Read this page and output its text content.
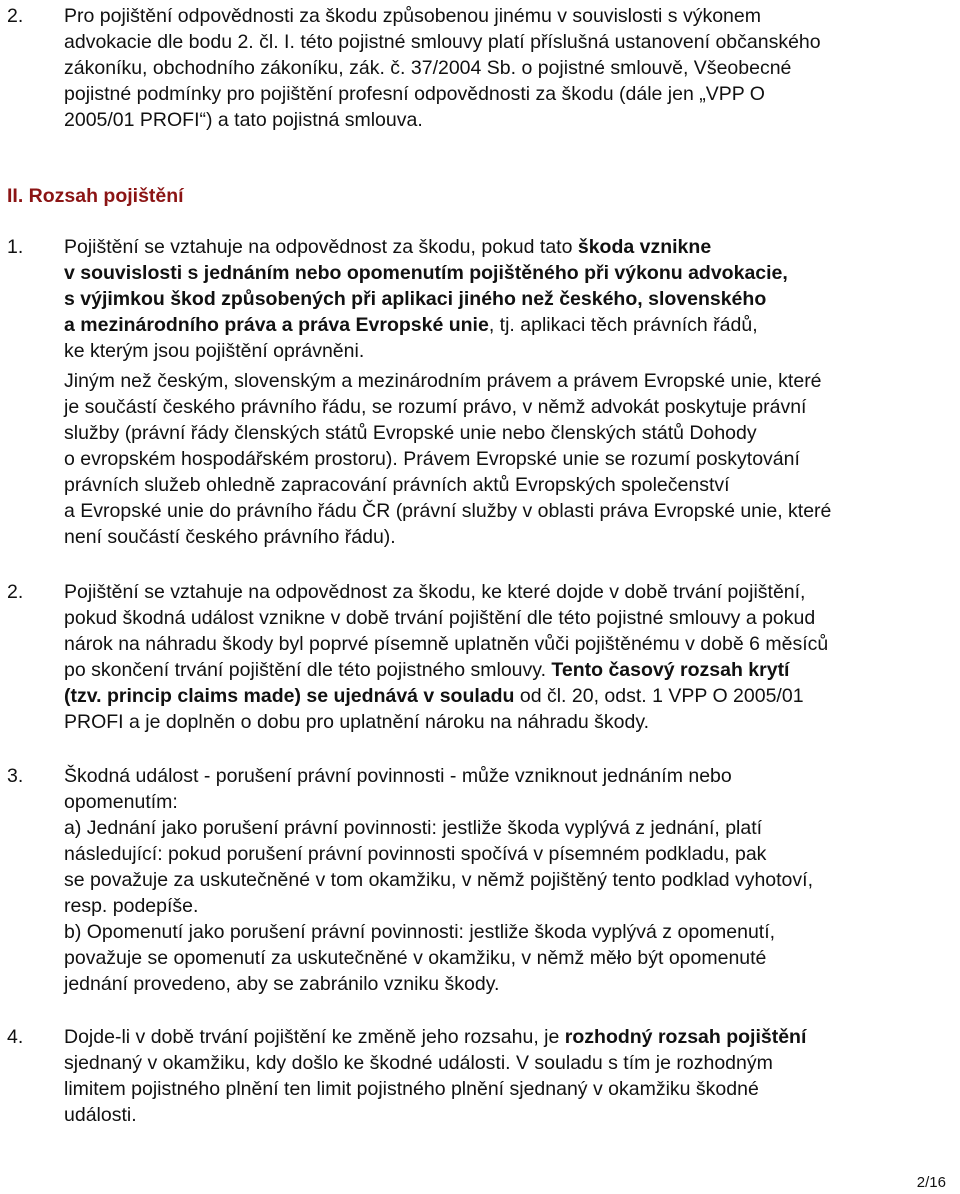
2. Pro pojištění odpovědnosti za škodu způsobenou jinému v souvislosti s výkonem
advokacie dle bodu 2. čl. I. této pojistné smlouvy platí příslušná ustanovení občanského
zákoníku, obchodního zákoníku, zák. č. 37/2004 Sb. o pojistné smlouvě, Všeobecné
pojistné podmínky pro pojištění profesní odpovědnosti za škodu (dále jen „VPP O
2005/01 PROFI“) a tato pojistná smlouva.
II. Rozsah pojištění
1. Pojištění se vztahuje na odpovědnost za škodu, pokud tato škoda vznikne
v souvislosti s jednáním nebo opomenutím pojištěného při výkonu advokacie,
s výjimkou škod způsobených při aplikaci jiného než českého, slovenského
a mezinárodního práva a práva Evropské unie, tj. aplikaci těch právních řádů,
ke kterým jsou pojištění oprávněni.
Jiným než českým, slovenským a mezinárodním právem a právem Evropské unie, které
je součástí českého právního řádu, se rozumí právo, v němž advokát poskytuje právní
služby (právní řády členských států Evropské unie nebo členských států Dohody
o evropském hospodářském prostoru). Právem Evropské unie se rozumí poskytování
právních služeb ohledně zapracování právních aktů Evropských společenství
a Evropské unie do právního řádu ČR (právní služby v oblasti práva Evropské unie, které
není součástí českého právního řádu).
2. Pojištění se vztahuje na odpovědnost za škodu, ke které dojde v době trvání pojištění,
pokud škodná událost vznikne v době trvání pojištění dle této pojistné smlouvy a pokud
nárok na náhradu škody byl poprvé písemně uplatněn vůči pojištěnému v době 6 měsíců
po skončení trvání pojištění dle této pojistného smlouvy. Tento časový rozsah krytí
(tzv. princip claims made) se ujednává v souladu od čl. 20, odst. 1 VPP O 2005/01
PROFI a je doplněn o dobu pro uplatnění nároku na náhradu škody.
3. Škodná událost - porušení právní povinnosti - může vzniknout jednáním nebo
opomenutím:
a) Jednání jako porušení právní povinnosti: jestliže škoda vyplývá z jednání, platí
následující: pokud porušení právní povinnosti spočívá v písemném podkladu, pak
se považuje za uskutečněné v tom okamžiku, v němž pojištěný tento podklad vyhotoví,
resp. podepíše.
b) Opomenutí jako porušení právní povinnosti: jestliže škoda vyplývá z opomenutí,
považuje se opomenutí za uskutečněné v okamžiku, v němž měło být opomenuté
jednání provedeno, aby se zabránilo vzniku škody.
4. Dojde-li v době trvání pojištění ke změně jeho rozsahu, je rozhodný rozsah pojištění
sjednaný v okamžiku, kdy došlo ke škodné události. V souladu s tím je rozhodným
limitem pojistného plnění ten limit pojistného plnění sjednaný v okamžiku škodné
události.
2/16
